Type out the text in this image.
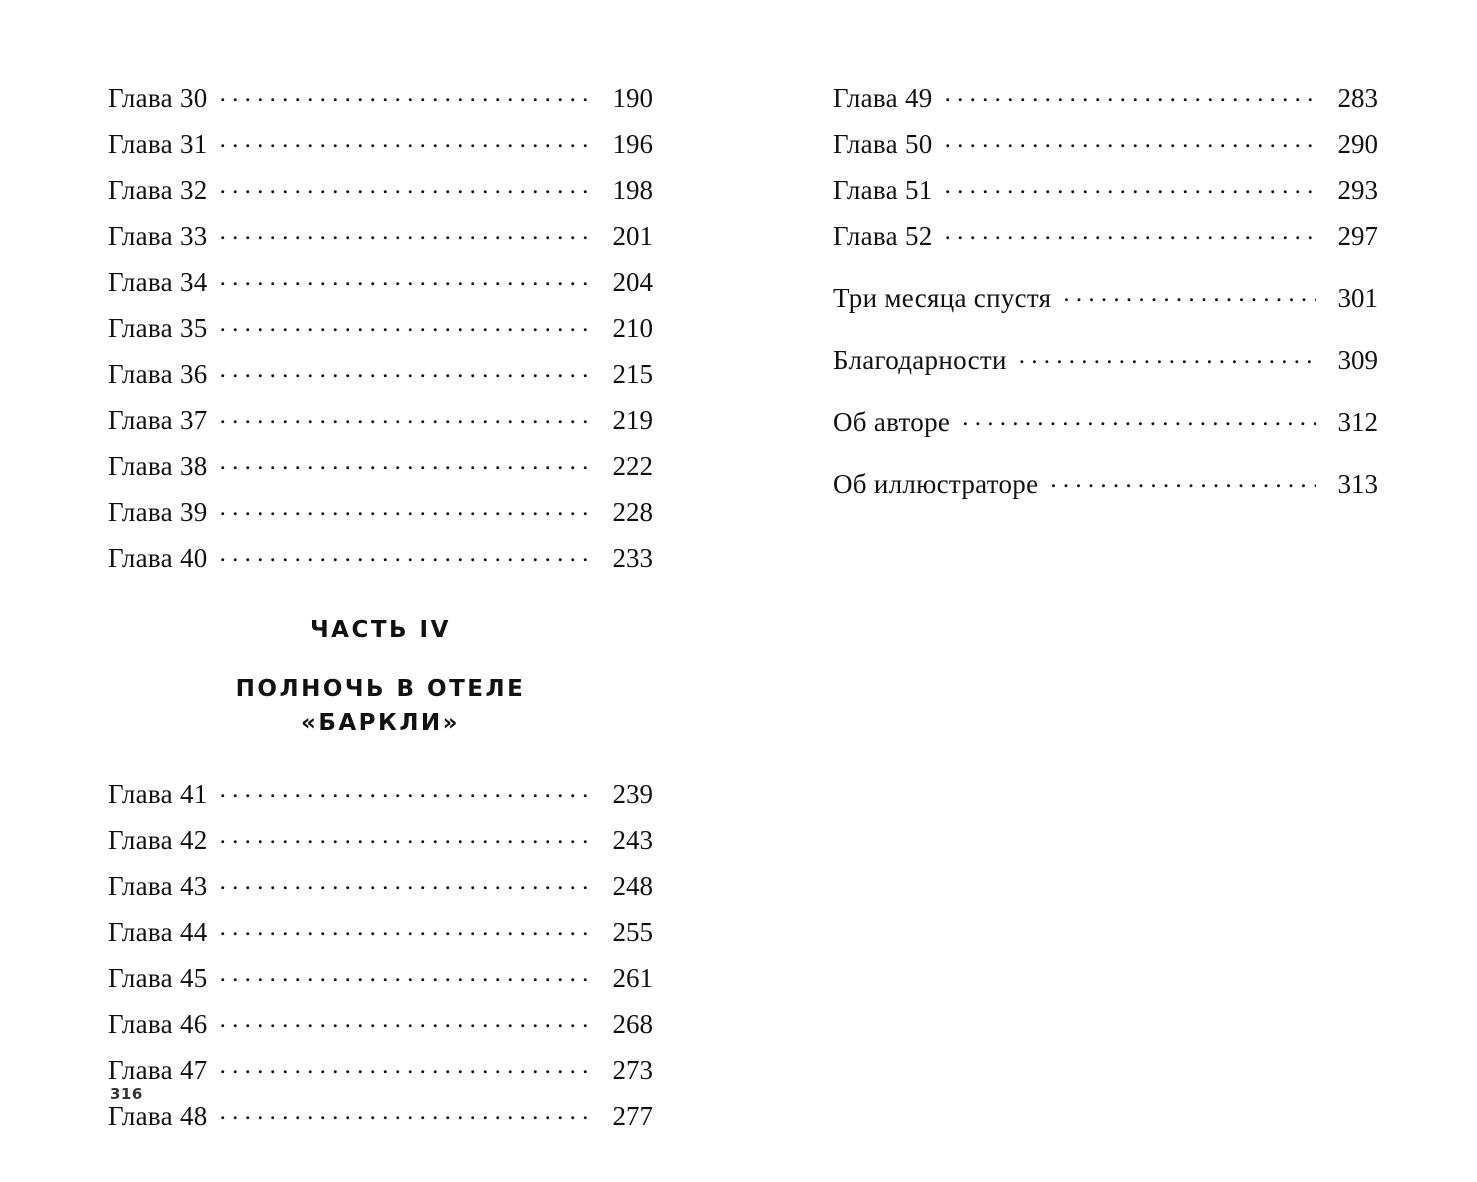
Глава 30 . . .	190
Глава 31 . . .	196
Глава 32 . . .	198
Глава 33 . . .	201
Глава 34 . . .	204
Глава 35 . . .	210
Глава 36 . . .	215
Глава 37 . . .	219
Глава 38 . . .	222
Глава 39 . . .	228
Глава 40 . . .	233
ЧАСТЬ IV
ПОЛНОЧЬ В ОТЕЛЕ
«БАРКЛИ»
Глава 41 . . .	239
Глава 42 . . .	243
Глава 43 . . .	248
Глава 44 . . .	255
Глава 45 . . .	261
Глава 46 . . .	268
Глава 47 . . .	273
Глава 48 . . .	277
Глава 49 . . .	283
Глава 50 . . .	290
Глава 51 . . .	293
Глава 52 . . .	297
Три месяца спустя . . .	301
Благодарности . . .	309
Об авторе . . .	312
Об иллюстраторе . . .	313
316
